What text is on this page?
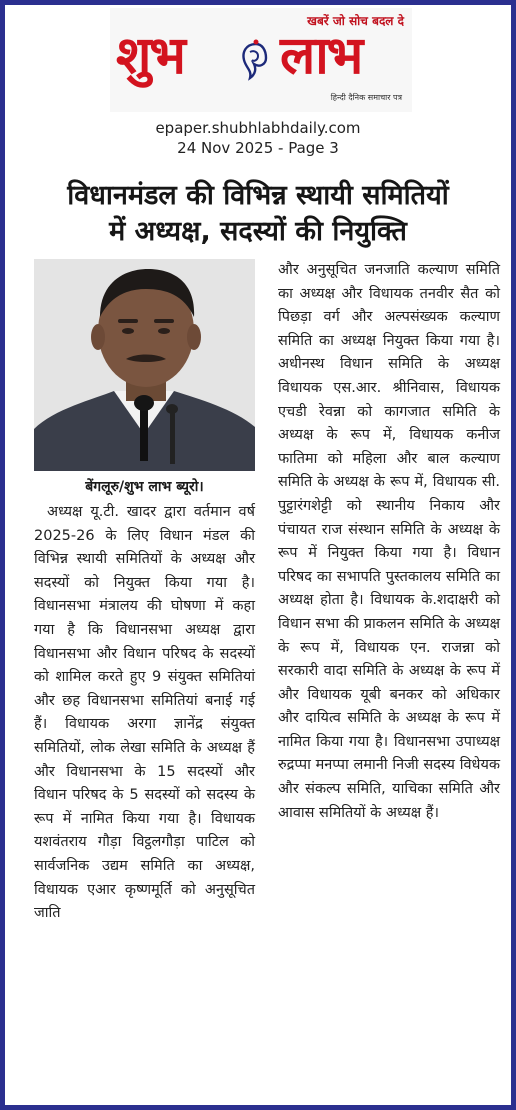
खबरें जो सोच बदल दे
शुभ लाभ
हिन्दी दैनिक समाचार पत्र
epaper.shubhlabhdaily.com
24 Nov 2025 - Page 3
विधानमंडल की विभिन्न स्थायी समितियों
में अध्यक्ष, सदस्यों की नियुक्ति
बेंगलूरु/शुभ लाभ ब्यूरो।
अध्यक्ष यू.टी. खादर द्वारा वर्तमान वर्ष 2025-26 के लिए विधान मंडल की विभिन्न स्थायी समितियों के अध्यक्ष और सदस्यों को नियुक्त किया गया है। विधानसभा मंत्रालय की घोषणा में कहा गया है कि विधानसभा अध्यक्ष द्वारा विधानसभा और विधान परिषद के सदस्यों को शामिल करते हुए 9 संयुक्त समितियां और छह विधानसभा समितियां बनाई गई हैं। विधायक अरगा ज्ञानेंद्र संयुक्त समितियों, लोक लेखा समिति के अध्यक्ष हैं और विधानसभा के 15 सदस्यों और विधान परिषद के 5 सदस्यों को सदस्य के रूप में नामित किया गया है। विधायक यशवंतराय गौड़ा विट्ठलगौड़ा पाटिल को सार्वजनिक उद्यम समिति का अध्यक्ष, विधायक एआर कृष्णमूर्ति को अनुसूचित जाति
और अनुसूचित जनजाति कल्याण समिति का अध्यक्ष और विधायक तनवीर सैत को पिछड़ा वर्ग और अल्पसंख्यक कल्याण समिति का अध्यक्ष नियुक्त किया गया है। अधीनस्थ विधान समिति के अध्यक्ष विधायक एस.आर. श्रीनिवास, विधायक एचडी रेवन्ना को कागजात समिति के अध्यक्ष के रूप में, विधायक कनीज फातिमा को महिला और बाल कल्याण समिति के अध्यक्ष के रूप में, विधायक सी. पुट्टारंगशेट्टी को स्थानीय निकाय और पंचायत राज संस्थान समिति के अध्यक्ष के रूप में नियुक्त किया गया है। विधान परिषद का सभापति पुस्तकालय समिति का अध्यक्ष होता है। विधायक के.शदाक्षरी को विधान सभा की प्राकलन समिति के अध्यक्ष के रूप में, विधायक एन. राजन्ना को सरकारी वादा समिति के अध्यक्ष के रूप में और विधायक यूबी बनकर को अधिकार और दायित्व समिति के अध्यक्ष के रूप में नामित किया गया है। विधानसभा उपाध्यक्ष रुद्रप्पा मनप्पा लमानी निजी सदस्य विधेयक और संकल्प समिति, याचिका समिति और आवास समितियों के अध्यक्ष हैं।
